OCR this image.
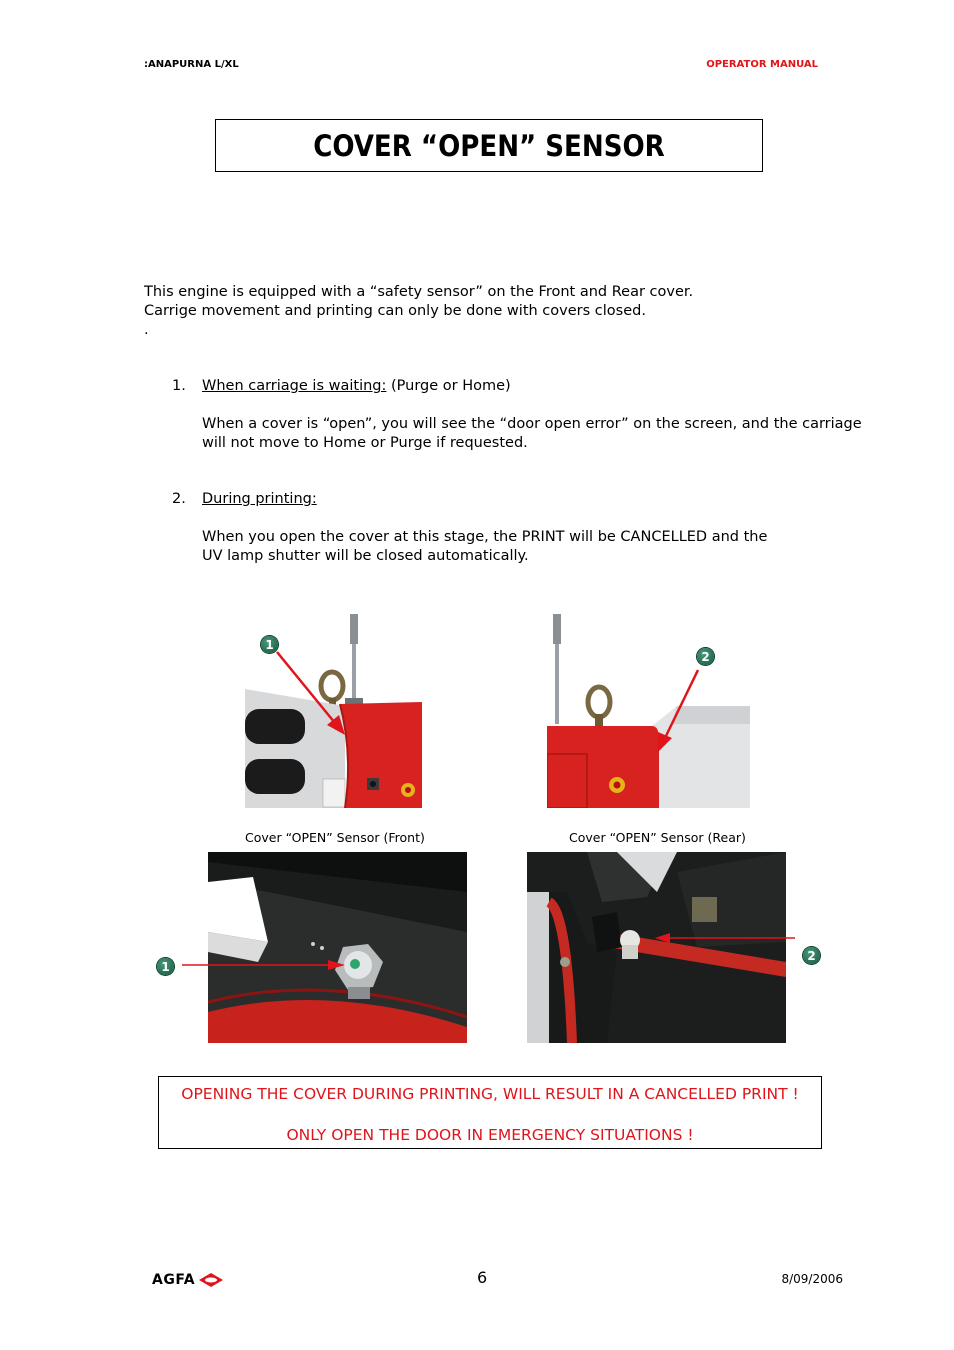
:ANAPURNA L/XL	OPERATOR MANUAL
COVER “OPEN” SENSOR
This engine is equipped with a “safety sensor” on the Front and Rear cover.
Carrige movement and printing can only be done with covers closed.
.
1. When carriage is waiting: (Purge or Home)
When a cover is “open”, you will see the “door open error” on the screen, and the carriage
will not move to Home or Purge if requested.
2. During printing:
When you open the cover at this stage, the PRINT will be CANCELLED and the
UV lamp shutter will be closed automatically.
1
2
Cover “OPEN” Sensor (Front)	Cover “OPEN” Sensor (Rear)
1
2
OPENING THE COVER DURING PRINTING, WILL RESULT IN A CANCELLED PRINT !
ONLY OPEN THE DOOR IN EMERGENCY SITUATIONS !
AGFA	6	8/09/2006
